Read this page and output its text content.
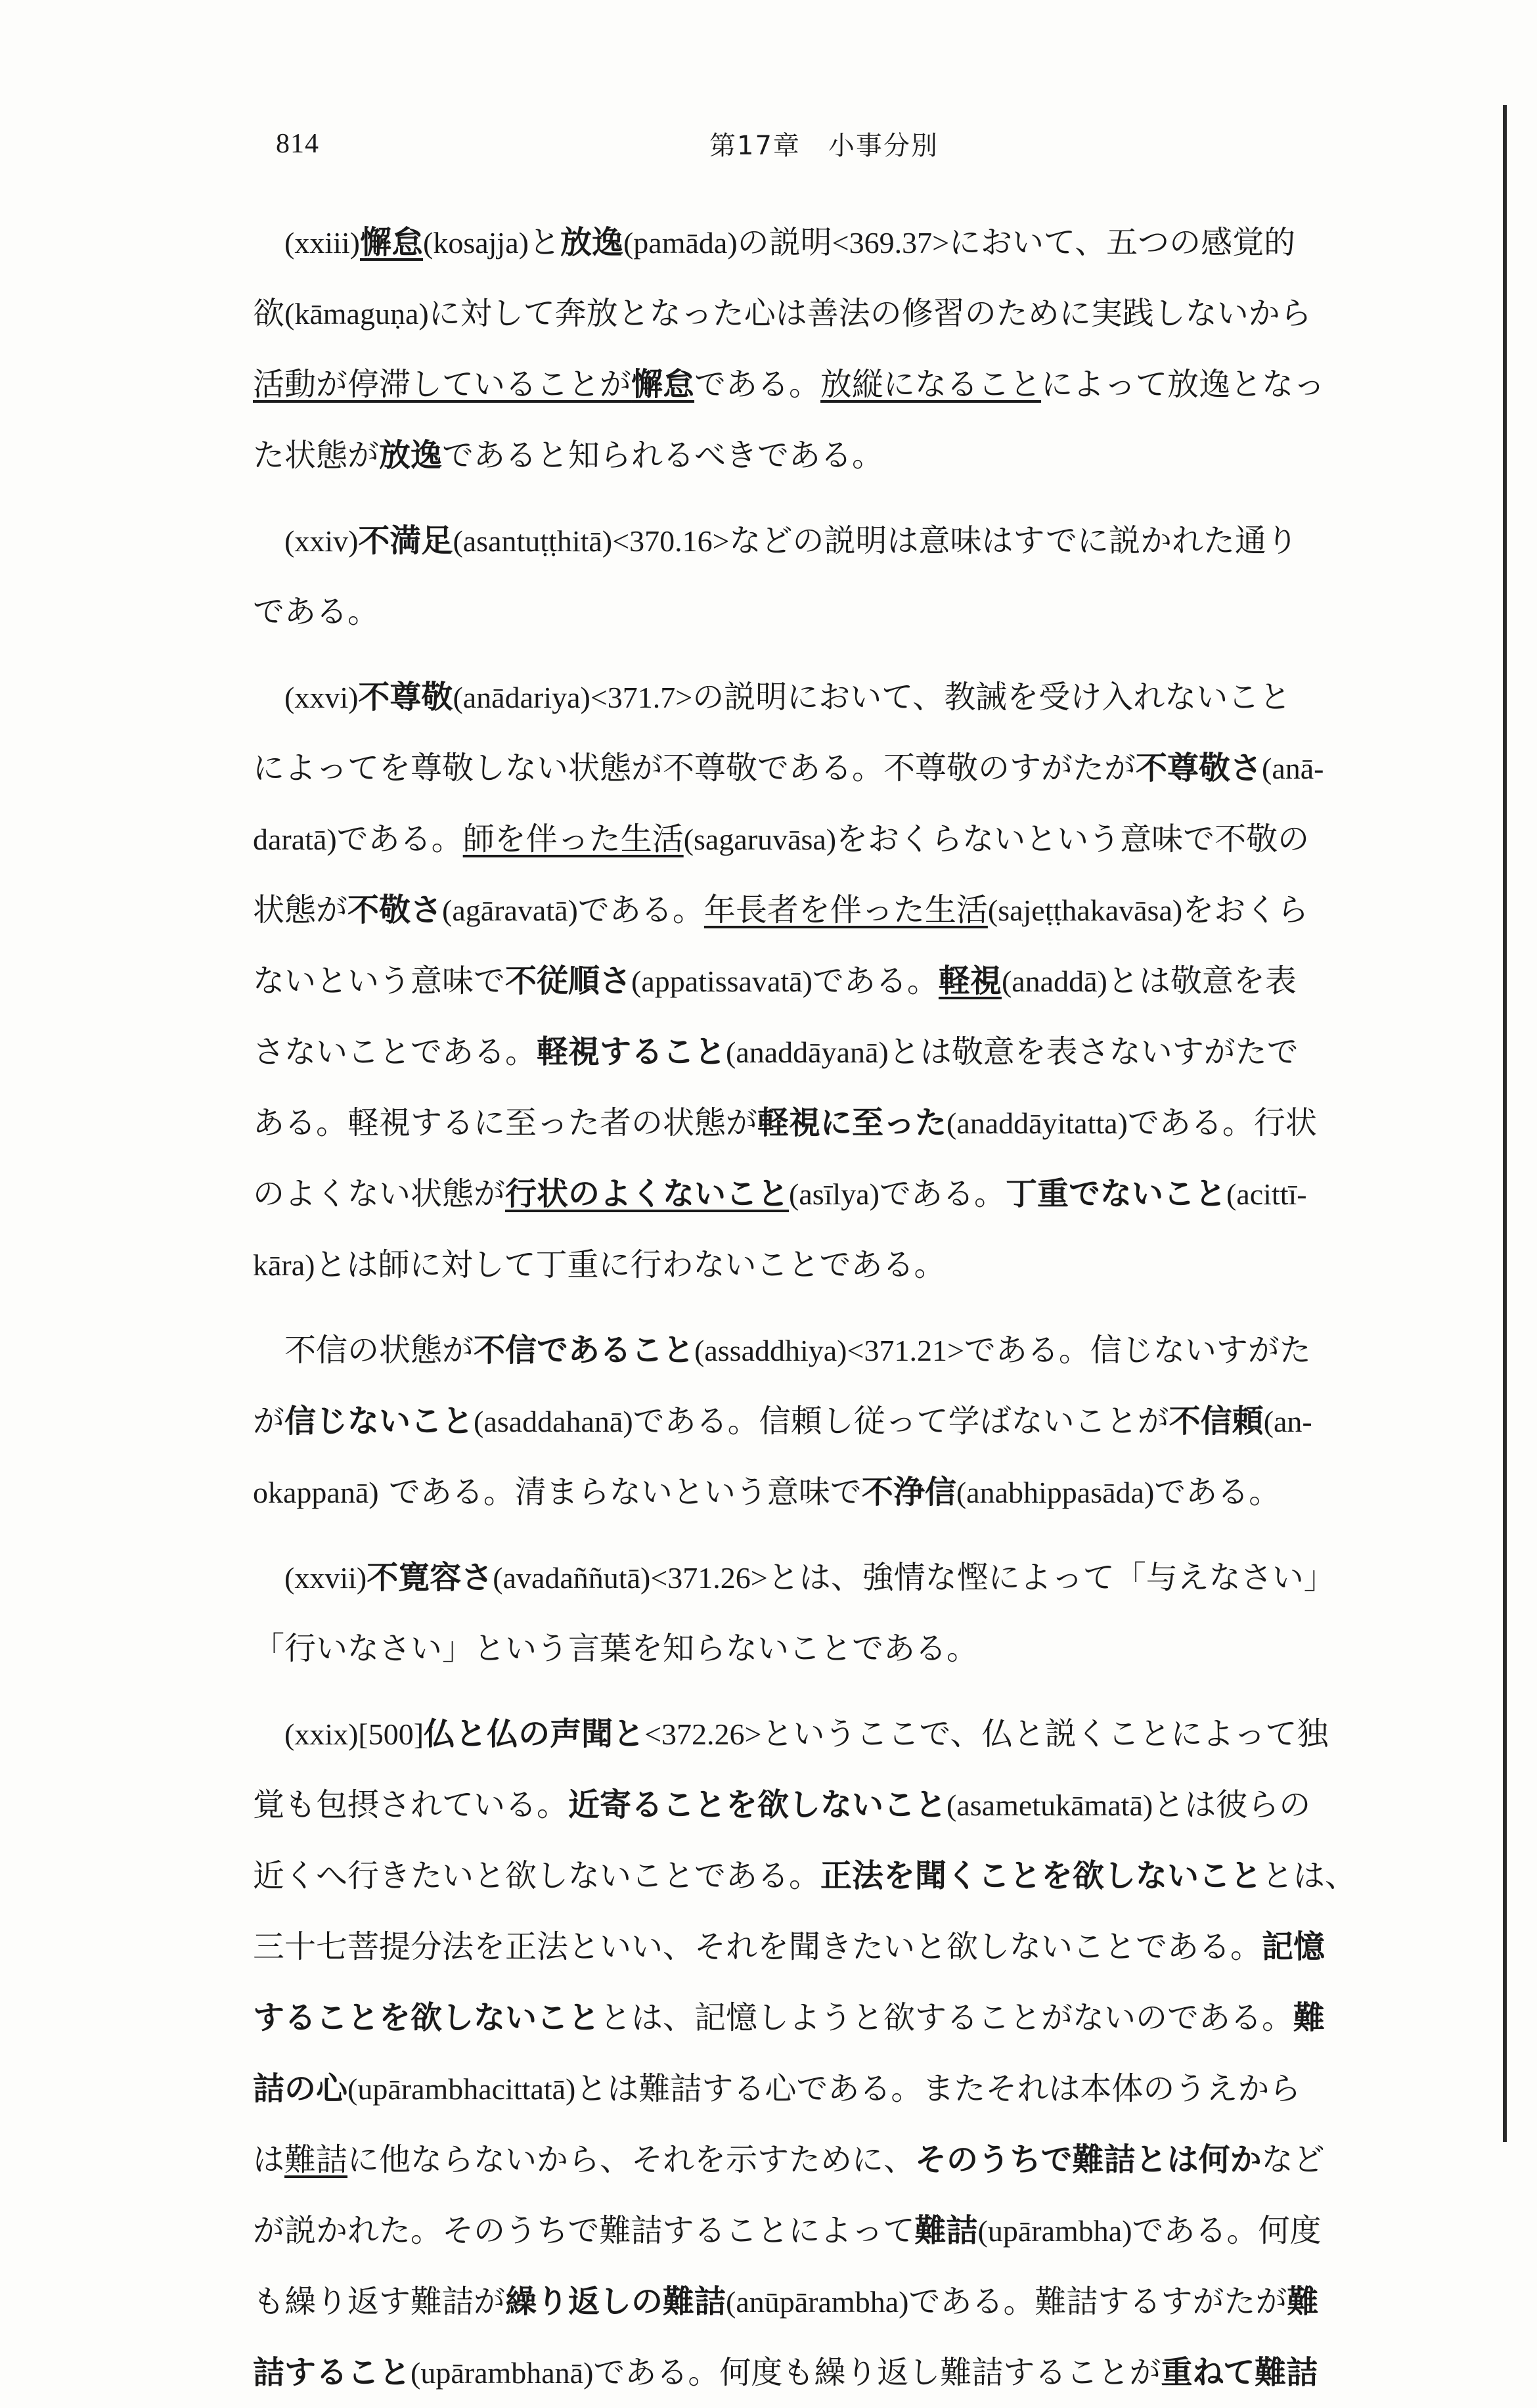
814	第17章　小事分別
(xxiii)懈怠(kosajja)と放逸(pamāda)の説明<369.37>において、五つの感覚的
欲(kāmaguṇa)に対して奔放となった心は善法の修習のために実践しないから
活動が停滞していることが懈怠である。放縦になることによって放逸となっ
た状態が放逸であると知られるべきである。
(xxiv)不満足(asantuṭṭhitā)<370.16>などの説明は意味はすでに説かれた通り
である。
(xxvi)不尊敬(anādariya)<371.7>の説明において、教誡を受け入れないこと
によってを尊敬しない状態が不尊敬である。不尊敬のすがたが不尊敬さ(anā-
daratā)である。師を伴った生活(sagaruvāsa)をおくらないという意味で不敬の
状態が不敬さ(agāravatā)である。年長者を伴った生活(sajeṭṭhakavāsa)をおくら
ないという意味で不従順さ(appatissavatā)である。軽視(anaddā)とは敬意を表
さないことである。軽視すること(anaddāyanā)とは敬意を表さないすがたで
ある。軽視するに至った者の状態が軽視に至った(anaddāyitatta)である。行状
のよくない状態が行状のよくないこと(asīlya)である。丁重でないこと(acittī-
kāra)とは師に対して丁重に行わないことである。
不信の状態が不信であること(assaddhiya)<371.21>である。信じないすがた
が信じないこと(asaddahanā)である。信頼し従って学ばないことが不信頼(an-
okappanā) である。清まらないという意味で不浄信(anabhippasāda)である。
(xxvii)不寛容さ(avadaññutā)<371.26>とは、強情な慳によって「与えなさい」
「行いなさい」という言葉を知らないことである。
(xxix)[500]仏と仏の声聞と<372.26>というここで、仏と説くことによって独
覚も包摂されている。近寄ることを欲しないこと(asametukāmatā)とは彼らの
近くへ行きたいと欲しないことである。正法を聞くことを欲しないこととは、
三十七菩提分法を正法といい、それを聞きたいと欲しないことである。記憶
することを欲しないこととは、記憶しようと欲することがないのである。難
詰の心(upārambhacittatā)とは難詰する心である。またそれは本体のうえから
は難詰に他ならないから、それを示すために、そのうちで難詰とは何かなど
が説かれた。そのうちで難詰することによって難詰(upārambha)である。何度
も繰り返す難詰が繰り返しの難詰(anūpārambha)である。難詰するすがたが難
詰すること(upārambhanā)である。何度も繰り返し難詰することが重ねて難詰
